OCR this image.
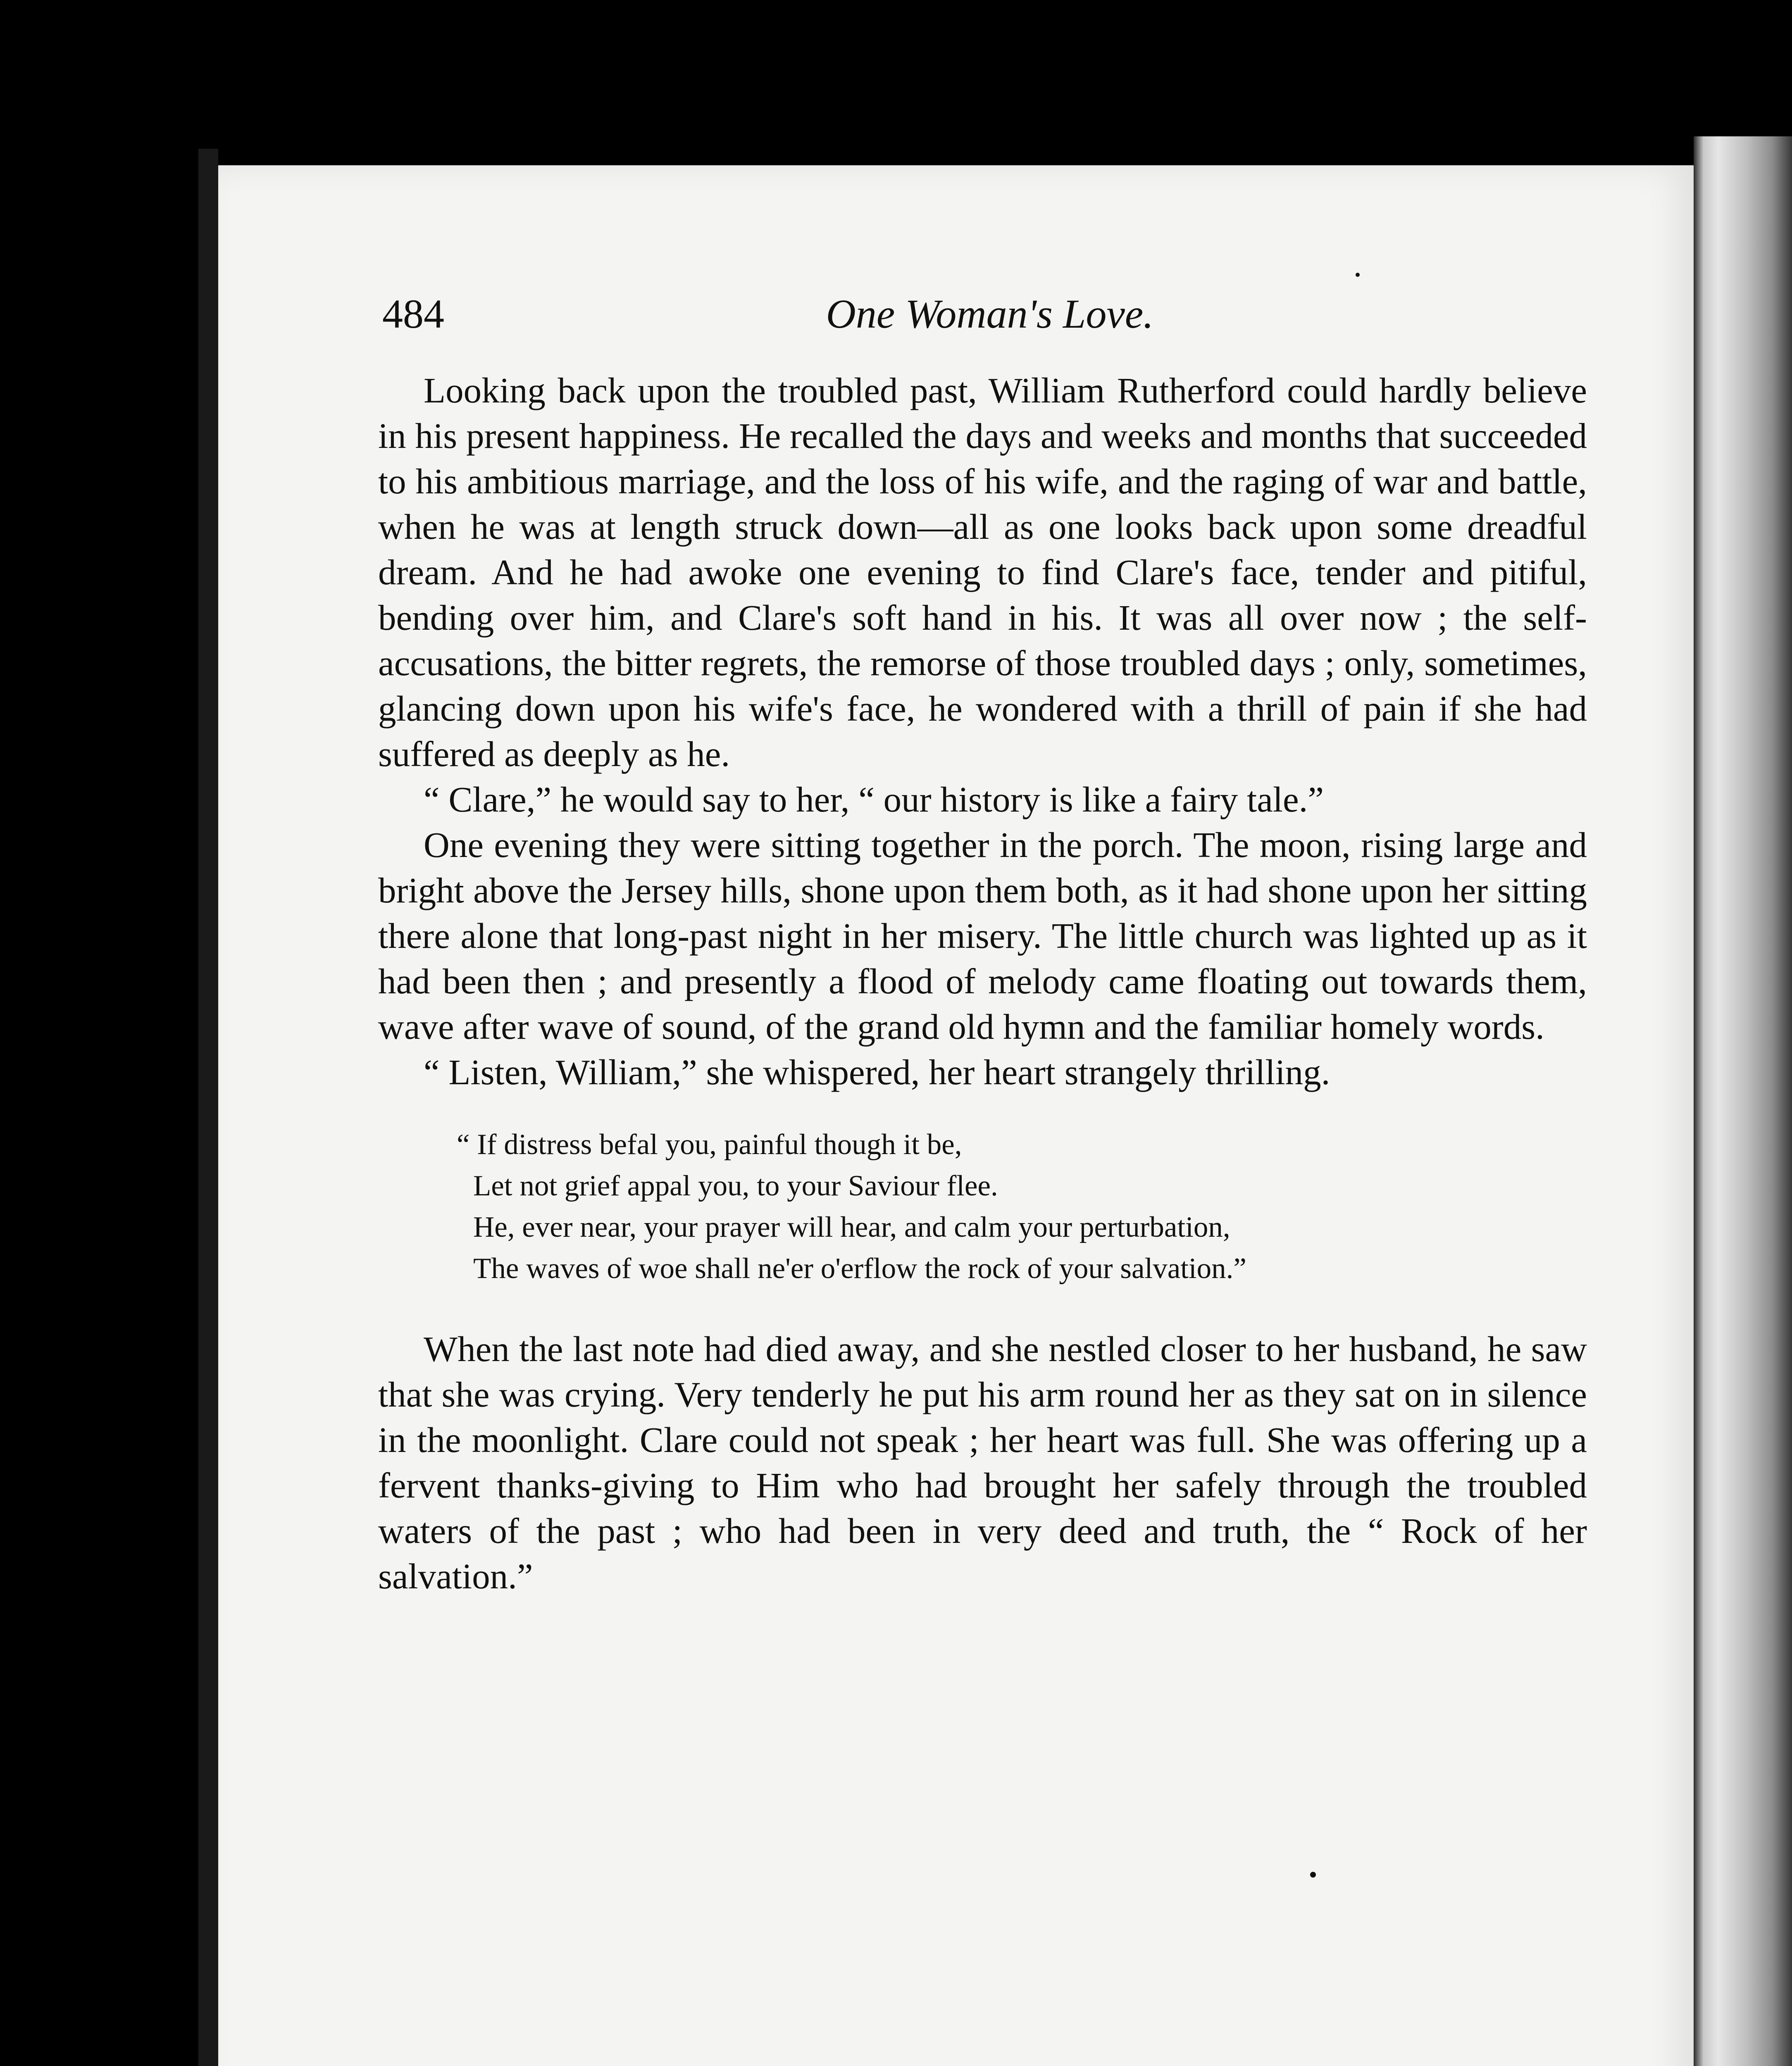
484	One Woman's Love.

Looking back upon the troubled past, William Rutherford could hardly believe in his present happiness. He recalled the days and weeks and months that succeeded to his ambitious marriage, and the loss of his wife, and the raging of war and battle, when he was at length struck down—all as one looks back upon some dreadful dream. And he had awoke one evening to find Clare's face, tender and pitiful, bending over him, and Clare's soft hand in his. It was all over now ; the self-accusations, the bitter regrets, the remorse of those troubled days ; only, sometimes, glancing down upon his wife's face, he wondered with a thrill of pain if she had suffered as deeply as he.

“ Clare,” he would say to her, “ our history is like a fairy tale.”

One evening they were sitting together in the porch. The moon, rising large and bright above the Jersey hills, shone upon them both, as it had shone upon her sitting there alone that long-past night in her misery. The little church was lighted up as it had been then ; and presently a flood of melody came floating out towards them, wave after wave of sound, of the grand old hymn and the familiar homely words.

“ Listen, William,” she whispered, her heart strangely thrilling.

“ If distress befal you, painful though it be,
Let not grief appal you, to your Saviour flee.
He, ever near, your prayer will hear, and calm your perturbation,
The waves of woe shall ne'er o'erflow the rock of your salvation.”

When the last note had died away, and she nestled closer to her husband, he saw that she was crying. Very tenderly he put his arm round her as they sat on in silence in the moonlight. Clare could not speak ; her heart was full. She was offering up a fervent thanks-giving to Him who had brought her safely through the troubled waters of the past ; who had been in very deed and truth, the “ Rock of her salvation.”
